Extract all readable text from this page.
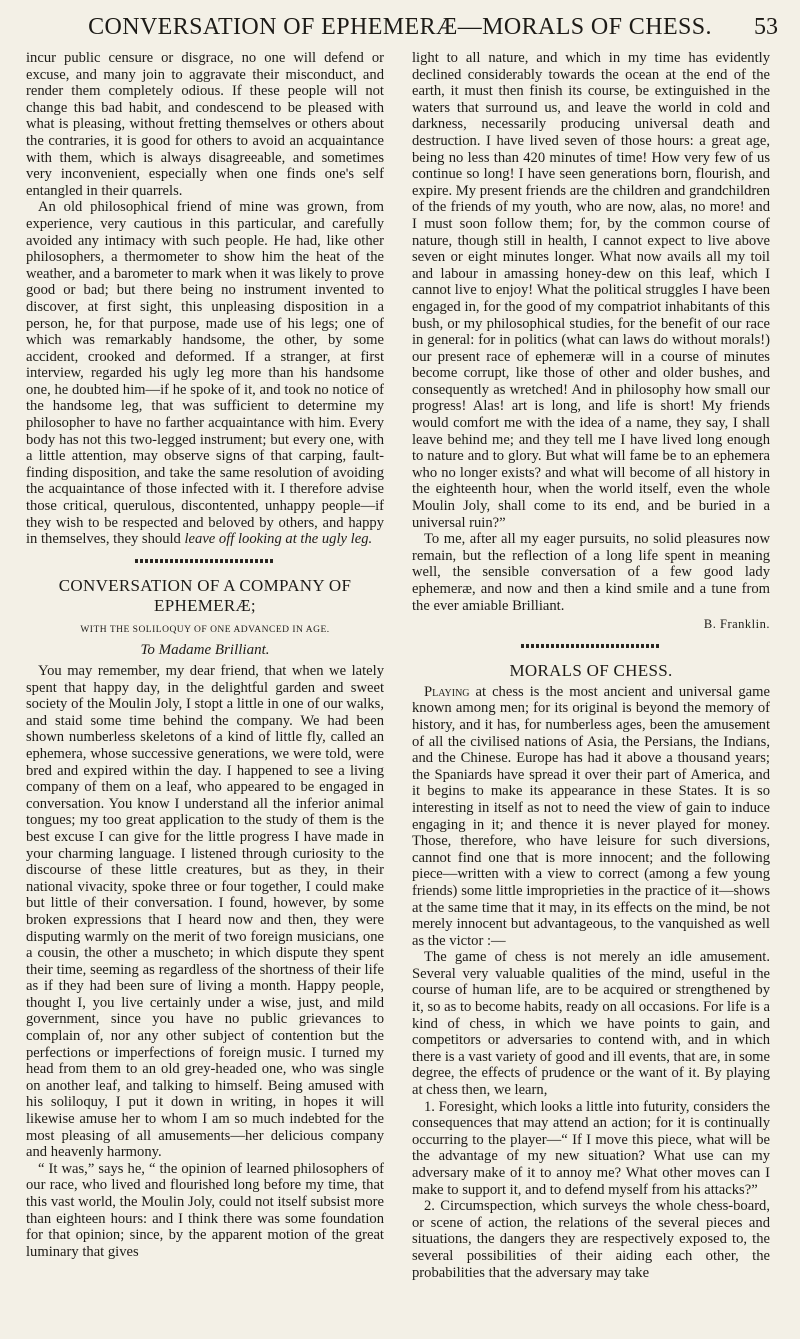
CONVERSATION OF EPHEMERÆ—MORALS OF CHESS.	53

incur public censure or disgrace, no one will defend or excuse, and many join to aggravate their misconduct, and render them completely odious. If these people will not change this bad habit, and condescend to be pleased with what is pleasing, without fretting themselves or others about the contraries, it is good for others to avoid an acquaintance with them, which is always disagreeable, and sometimes very inconvenient, especially when one finds one's self entangled in their quarrels.

An old philosophical friend of mine was grown, from experience, very cautious in this particular, and carefully avoided any intimacy with such people. He had, like other philosophers, a thermometer to show him the heat of the weather, and a barometer to mark when it was likely to prove good or bad; but there being no instrument invented to discover, at first sight, this unpleasing disposition in a person, he, for that purpose, made use of his legs; one of which was remarkably handsome, the other, by some accident, crooked and deformed. If a stranger, at first interview, regarded his ugly leg more than his handsome one, he doubted him—if he spoke of it, and took no notice of the handsome leg, that was sufficient to determine my philosopher to have no farther acquaintance with him. Every body has not this two-legged instrument; but every one, with a little attention, may observe signs of that carping, fault-finding disposition, and take the same resolution of avoiding the acquaintance of those infected with it. I therefore advise those critical, querulous, discontented, unhappy people—if they wish to be respected and beloved by others, and happy in themselves, they should leave off looking at the ugly leg.

CONVERSATION OF A COMPANY OF
EPHEMERÆ;
WITH THE SOLILOQUY OF ONE ADVANCED IN AGE.
To Madame Brilliant.

You may remember, my dear friend, that when we lately spent that happy day, in the delightful garden and sweet society of the Moulin Joly, I stopt a little in one of our walks, and staid some time behind the company. We had been shown numberless skeletons of a kind of little fly, called an ephemera, whose successive generations, we were told, were bred and expired within the day. I happened to see a living company of them on a leaf, who appeared to be engaged in conversation. You know I understand all the inferior animal tongues; my too great application to the study of them is the best excuse I can give for the little progress I have made in your charming language. I listened through curiosity to the discourse of these little creatures, but as they, in their national vivacity, spoke three or four together, I could make but little of their conversation. I found, however, by some broken expressions that I heard now and then, they were disputing warmly on the merit of two foreign musicians, one a cousin, the other a muscheto; in which dispute they spent their time, seeming as regardless of the shortness of their life as if they had been sure of living a month. Happy people, thought I, you live certainly under a wise, just, and mild government, since you have no public grievances to complain of, nor any other subject of contention but the perfections or imperfections of foreign music. I turned my head from them to an old grey-headed one, who was single on another leaf, and talking to himself. Being amused with his soliloquy, I put it down in writing, in hopes it will likewise amuse her to whom I am so much indebted for the most pleasing of all amusements—her delicious company and heavenly harmony.

“ It was,” says he, “ the opinion of learned philosophers of our race, who lived and flourished long before my time, that this vast world, the Moulin Joly, could not itself subsist more than eighteen hours: and I think there was some foundation for that opinion; since, by the apparent motion of the great luminary that gives

light to all nature, and which in my time has evidently declined considerably towards the ocean at the end of the earth, it must then finish its course, be extinguished in the waters that surround us, and leave the world in cold and darkness, necessarily producing universal death and destruction. I have lived seven of those hours: a great age, being no less than 420 minutes of time! How very few of us continue so long! I have seen generations born, flourish, and expire. My present friends are the children and grandchildren of the friends of my youth, who are now, alas, no more! and I must soon follow them; for, by the common course of nature, though still in health, I cannot expect to live above seven or eight minutes longer. What now avails all my toil and labour in amassing honey-dew on this leaf, which I cannot live to enjoy! What the political struggles I have been engaged in, for the good of my compatriot inhabitants of this bush, or my philosophical studies, for the benefit of our race in general: for in politics (what can laws do without morals!) our present race of ephemeræ will in a course of minutes become corrupt, like those of other and older bushes, and consequently as wretched! And in philosophy how small our progress! Alas! art is long, and life is short! My friends would comfort me with the idea of a name, they say, I shall leave behind me; and they tell me I have lived long enough to nature and to glory. But what will fame be to an ephemera who no longer exists? and what will become of all history in the eighteenth hour, when the world itself, even the whole Moulin Joly, shall come to its end, and be buried in a universal ruin?”

To me, after all my eager pursuits, no solid pleasures now remain, but the reflection of a long life spent in meaning well, the sensible conversation of a few good lady ephemeræ, and now and then a kind smile and a tune from the ever amiable Brilliant.

B. Franklin.

MORALS OF CHESS.

Playing at chess is the most ancient and universal game known among men; for its original is beyond the memory of history, and it has, for numberless ages, been the amusement of all the civilised nations of Asia, the Persians, the Indians, and the Chinese. Europe has had it above a thousand years; the Spaniards have spread it over their part of America, and it begins to make its appearance in these States. It is so interesting in itself as not to need the view of gain to induce engaging in it; and thence it is never played for money. Those, therefore, who have leisure for such diversions, cannot find one that is more innocent; and the following piece—written with a view to correct (among a few young friends) some little improprieties in the practice of it—shows at the same time that it may, in its effects on the mind, be not merely innocent but advantageous, to the vanquished as well as the victor :—

The game of chess is not merely an idle amusement. Several very valuable qualities of the mind, useful in the course of human life, are to be acquired or strengthened by it, so as to become habits, ready on all occasions. For life is a kind of chess, in which we have points to gain, and competitors or adversaries to contend with, and in which there is a vast variety of good and ill events, that are, in some degree, the effects of prudence or the want of it. By playing at chess then, we learn,

1. Foresight, which looks a little into futurity, considers the consequences that may attend an action; for it is continually occurring to the player—“ If I move this piece, what will be the advantage of my new situation? What use can my adversary make of it to annoy me? What other moves can I make to support it, and to defend myself from his attacks?”

2. Circumspection, which surveys the whole chess-board, or scene of action, the relations of the several pieces and situations, the dangers they are respectively exposed to, the several possibilities of their aiding each other, the probabilities that the adversary may take
